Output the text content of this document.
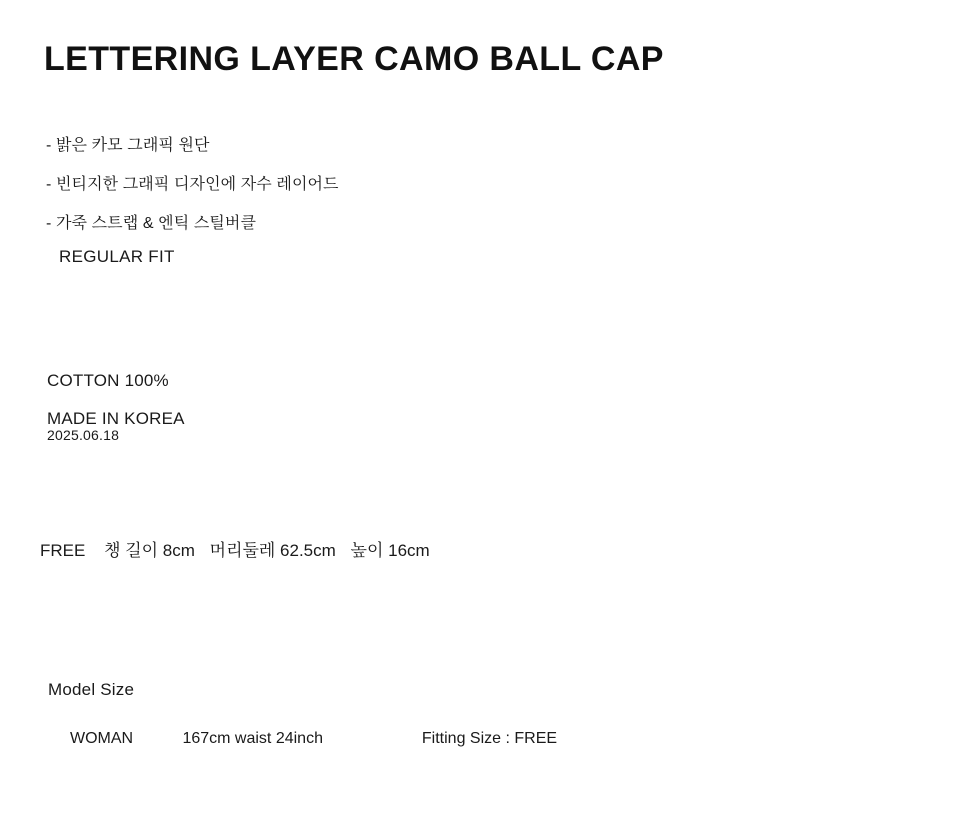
LETTERING LAYER CAMO BALL CAP
- 밝은 카모 그래픽 원단
- 빈티지한 그래픽 디자인에 자수 레이어드
- 가죽 스트랩 & 엔틱 스틸버클
REGULAR FIT
COTTON 100%
MADE IN KOREA
2025.06.18
FREE 챙 길이 8cm 머리둘레 62.5cm 높이 16cm
Model Size
WOMAN	167cm waist 24inch	Fitting Size : FREE
